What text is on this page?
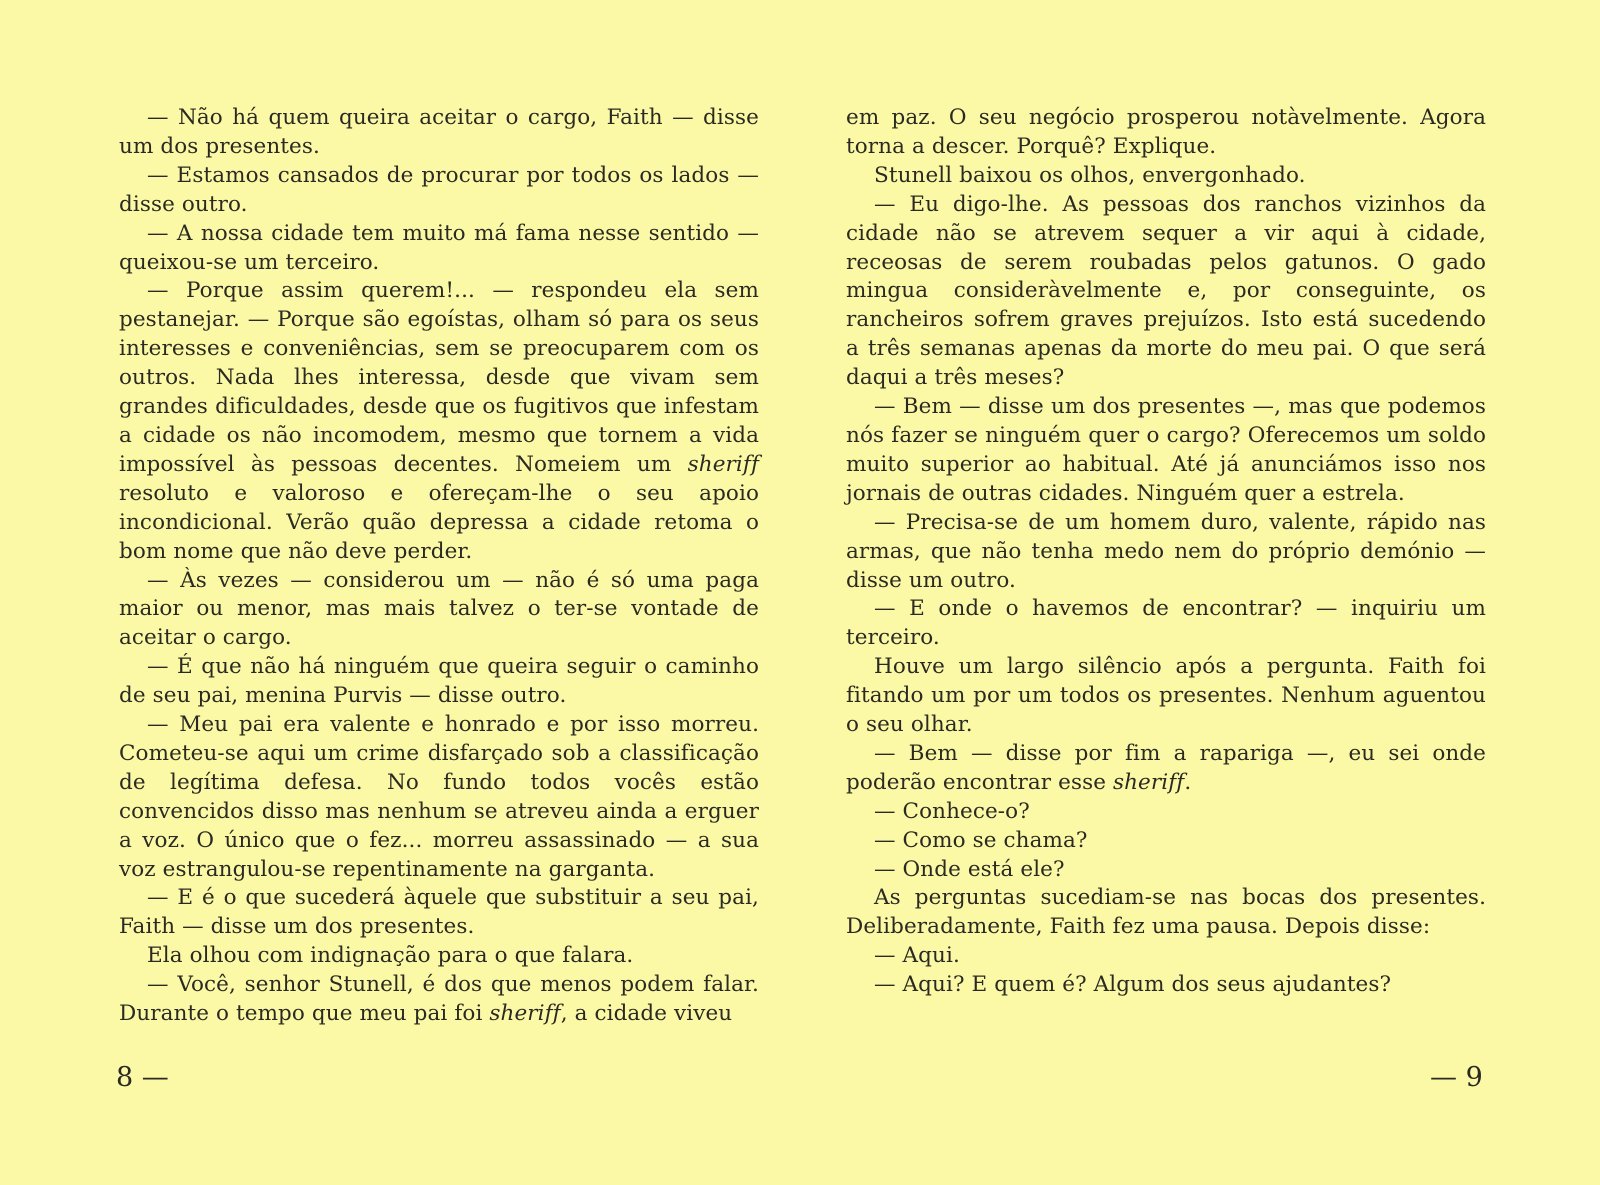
— Não há quem queira aceitar o cargo, Faith — disse um dos presentes.

— Estamos cansados de procurar por todos os lados — disse outro.

— A nossa cidade tem muito má fama nesse sentido — queixou-se um terceiro.

— Porque assim querem!... — respondeu ela sem pestanejar. — Porque são egoístas, olham só para os seus interesses e conveniências, sem se preocuparem com os outros. Nada lhes interessa, desde que vivam sem grandes dificuldades, desde que os fugitivos que infestam a cidade os não incomodem, mesmo que tornem a vida impossível às pessoas decentes. Nomeiem um sheriff resoluto e valoroso e ofereçam-lhe o seu apoio incondicional. Verão quão depressa a cidade retoma o bom nome que não deve perder.

— Às vezes — considerou um — não é só uma paga maior ou menor, mas mais talvez o ter-se vontade de aceitar o cargo.

— É que não há ninguém que queira seguir o caminho de seu pai, menina Purvis — disse outro.

— Meu pai era valente e honrado e por isso morreu. Cometeu-se aqui um crime disfarçado sob a classificação de legítima defesa. No fundo todos vocês estão convencidos disso mas nenhum se atreveu ainda a erguer a voz. O único que o fez... morreu assassinado — a sua voz estrangulou-se repentinamente na garganta.

— E é o que sucederá àquele que substituir a seu pai, Faith — disse um dos presentes.

Ela olhou com indignação para o que falara.

— Você, senhor Stunell, é dos que menos podem falar. Durante o tempo que meu pai foi sheriff, a cidade viveu

em paz. O seu negócio prosperou notàvelmente. Agora torna a descer. Porquê? Explique.

Stunell baixou os olhos, envergonhado.

— Eu digo-lhe. As pessoas dos ranchos vizinhos da cidade não se atrevem sequer a vir aqui à cidade, receosas de serem roubadas pelos gatunos. O gado mingua consideràvelmente e, por conseguinte, os rancheiros sofrem graves prejuízos. Isto está sucedendo a três semanas apenas da morte do meu pai. O que será daqui a três meses?

— Bem — disse um dos presentes —, mas que podemos nós fazer se ninguém quer o cargo? Oferecemos um soldo muito superior ao habitual. Até já anunciámos isso nos jornais de outras cidades. Ninguém quer a estrela.

— Precisa-se de um homem duro, valente, rápido nas armas, que não tenha medo nem do próprio demónio — disse um outro.

— E onde o havemos de encontrar? — inquiriu um terceiro.

Houve um largo silêncio após a pergunta. Faith foi fitando um por um todos os presentes. Nenhum aguentou o seu olhar.

— Bem — disse por fim a rapariga —, eu sei onde poderão encontrar esse sheriff.

— Conhece-o?

— Como se chama?

— Onde está ele?

As perguntas sucediam-se nas bocas dos presentes. Deliberadamente, Faith fez uma pausa. Depois disse:

— Aqui.

— Aqui? E quem é? Algum dos seus ajudantes?

8 —	— 9
